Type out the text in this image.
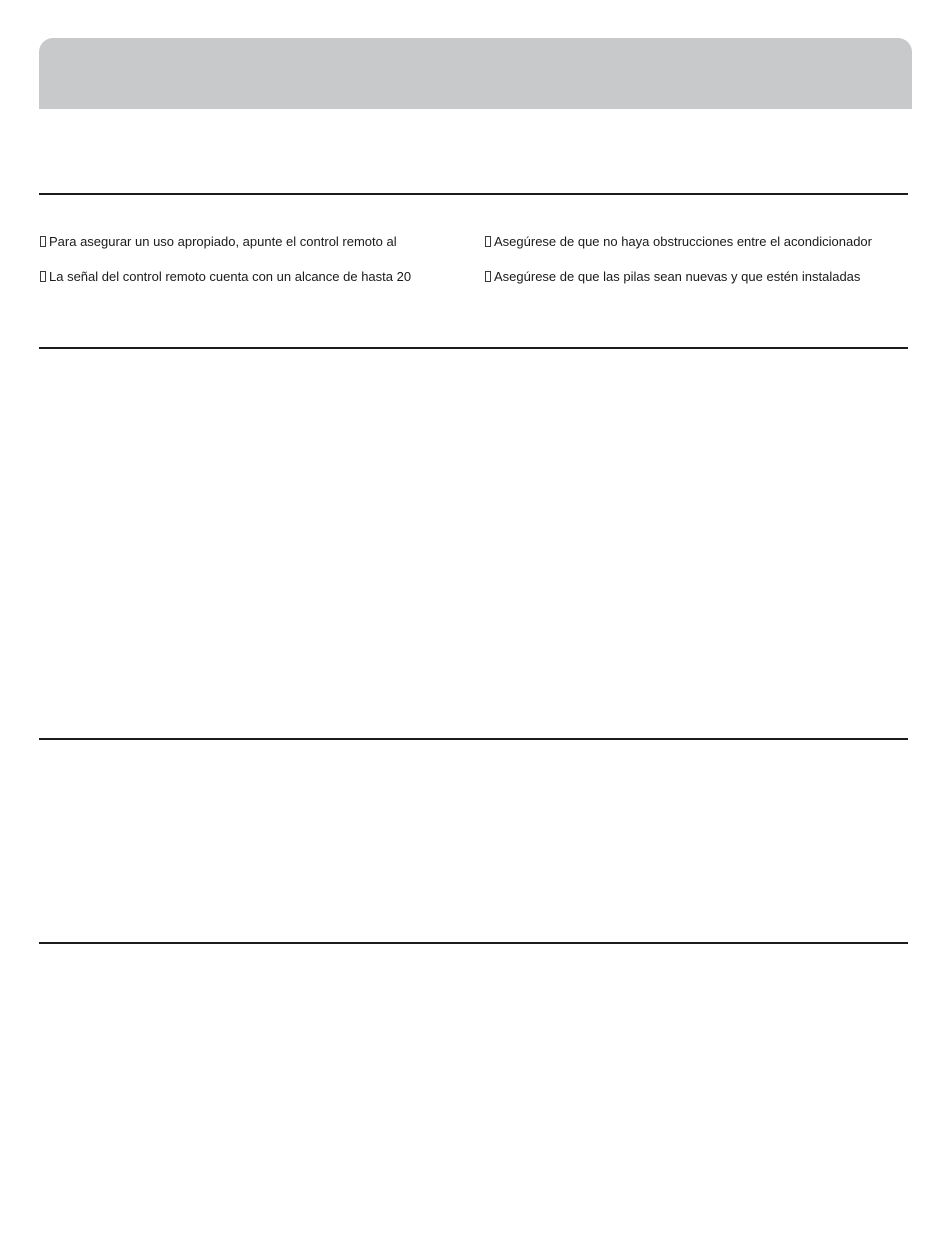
Para asegurar un uso apropiado, apunte el control remoto al
La señal del control remoto cuenta con un alcance de hasta 20
Asegúrese de que no haya obstrucciones entre el acondicionador
Asegúrese de que las pilas sean nuevas y que estén instaladas
